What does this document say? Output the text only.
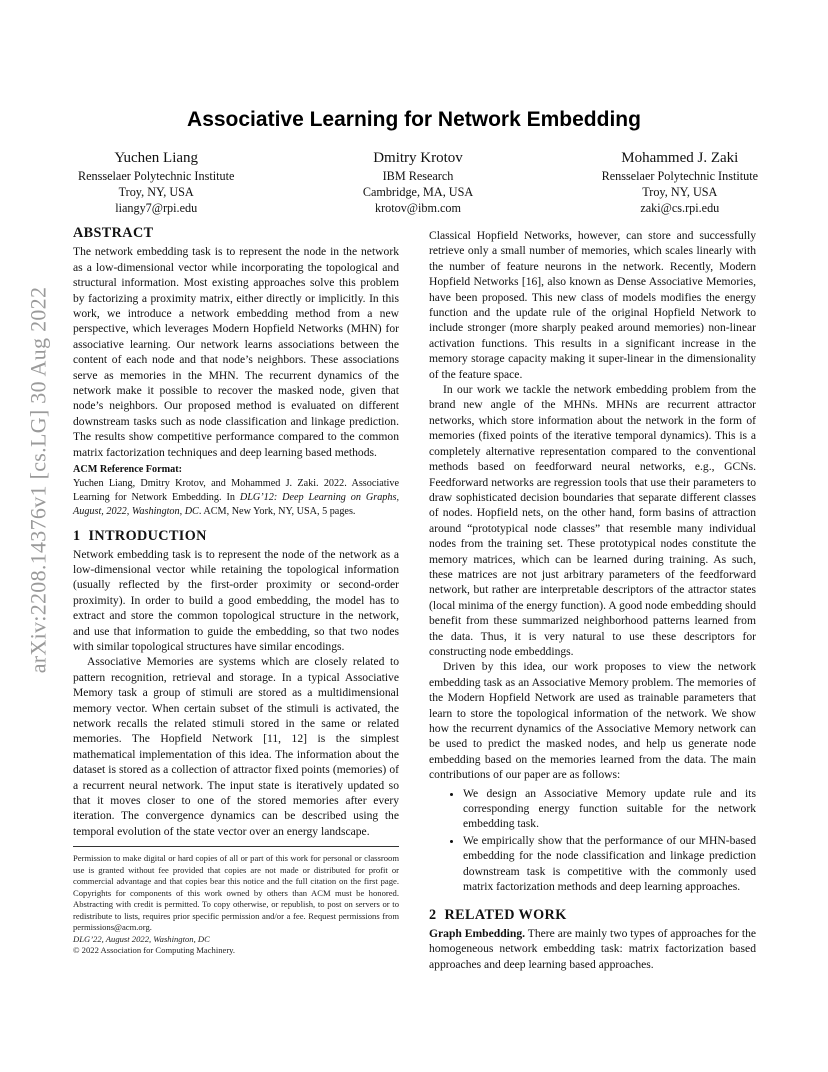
arXiv:2208.14376v1 [cs.LG] 30 Aug 2022
Associative Learning for Network Embedding
Yuchen Liang
Rensselaer Polytechnic Institute
Troy, NY, USA
liangy7@rpi.edu
Dmitry Krotov
IBM Research
Cambridge, MA, USA
krotov@ibm.com
Mohammed J. Zaki
Rensselaer Polytechnic Institute
Troy, NY, USA
zaki@cs.rpi.edu
ABSTRACT

The network embedding task is to represent the node in the network as a low-dimensional vector while incorporating the topological and structural information. Most existing approaches solve this problem by factorizing a proximity matrix, either directly or implicitly. In this work, we introduce a network embedding method from a new perspective, which leverages Modern Hopfield Networks (MHN) for associative learning. Our network learns associations between the content of each node and that node’s neighbors. These associations serve as memories in the MHN. The recurrent dynamics of the network make it possible to recover the masked node, given that node’s neighbors. Our proposed method is evaluated on different downstream tasks such as node classification and linkage prediction. The results show competitive performance compared to the common matrix factorization techniques and deep learning based methods.

ACM Reference Format:
Yuchen Liang, Dmitry Krotov, and Mohammed J. Zaki. 2022. Associative Learning for Network Embedding. In DLG’12: Deep Learning on Graphs, August, 2022, Washington, DC. ACM, New York, NY, USA, 5 pages.
1 INTRODUCTION

Network embedding task is to represent the node of the network as a low-dimensional vector while retaining the topological information (usually reflected by the first-order proximity or second-order proximity). In order to build a good embedding, the model has to extract and store the common topological structure in the network, and use that information to guide the embedding, so that two nodes with similar topological structures have similar encodings.

Associative Memories are systems which are closely related to pattern recognition, retrieval and storage. In a typical Associative Memory task a group of stimuli are stored as a multidimensional memory vector. When certain subset of the stimuli is activated, the network recalls the related stimuli stored in the same or related memories. The Hopfield Network [11, 12] is the simplest mathematical implementation of this idea. The information about the dataset is stored as a collection of attractor fixed points (memories) of a recurrent neural network. The input state is iteratively updated so that it moves closer to one of the stored memories after every iteration. The convergence dynamics can be described using the temporal evolution of the state vector over an energy landscape.

Classical Hopfield Networks, however, can store and successfully retrieve only a small number of memories, which scales linearly with the number of feature neurons in the network. Recently, Modern Hopfield Networks [16], also known as Dense Associative Memories, have been proposed. This new class of models modifies the energy function and the update rule of the original Hopfield Network to include stronger (more sharply peaked around memories) non-linear activation functions. This results in a significant increase in the memory storage capacity making it super-linear in the dimensionality of the feature space.

In our work we tackle the network embedding problem from the brand new angle of the MHNs. MHNs are recurrent attractor networks, which store information about the network in the form of memories (fixed points of the iterative temporal dynamics). This is a completely alternative representation compared to the conventional methods based on feedforward neural networks, e.g., GCNs. Feedforward networks are regression tools that use their parameters to draw sophisticated decision boundaries that separate different classes of nodes. Hopfield nets, on the other hand, form basins of attraction around “prototypical node classes” that resemble many individual nodes from the training set. These prototypical nodes constitute the memory matrices, which can be learned during training. As such, these matrices are not just arbitrary parameters of the feedforward network, but rather are interpretable descriptors of the attractor states (local minima of the energy function). A good node embedding should benefit from these summarized neighborhood patterns learned from the data. Thus, it is very natural to use these descriptors for constructing node embeddings.

Driven by this idea, our work proposes to view the network embedding task as an Associative Memory problem. The memories of the Modern Hopfield Network are used as trainable parameters that learn to store the topological information of the network. We show how the recurrent dynamics of the Associative Memory network can be used to predict the masked nodes, and help us generate node embedding based on the memories learned from the data. The main contributions of our paper are as follows:

• We design an Associative Memory update rule and its corresponding energy function suitable for the network embedding task.
• We empirically show that the performance of our MHN-based embedding for the node classification and linkage prediction downstream task is competitive with the commonly used matrix factorization methods and deep learning approaches.
2 RELATED WORK

Graph Embedding. There are mainly two types of approaches for the homogeneous network embedding task: matrix factorization based approaches and deep learning based approaches.

Permission to make digital or hard copies of all or part of this work for personal or classroom use is granted without fee provided that copies are not made or distributed for profit or commercial advantage and that copies bear this notice and the full citation on the first page. Copyrights for components of this work owned by others than ACM must be honored. Abstracting with credit is permitted. To copy otherwise, or republish, to post on servers or to redistribute to lists, requires prior specific permission and/or a fee. Request permissions from permissions@acm.org.

DLG’22, August 2022, Washington, DC

© 2022 Association for Computing Machinery.
